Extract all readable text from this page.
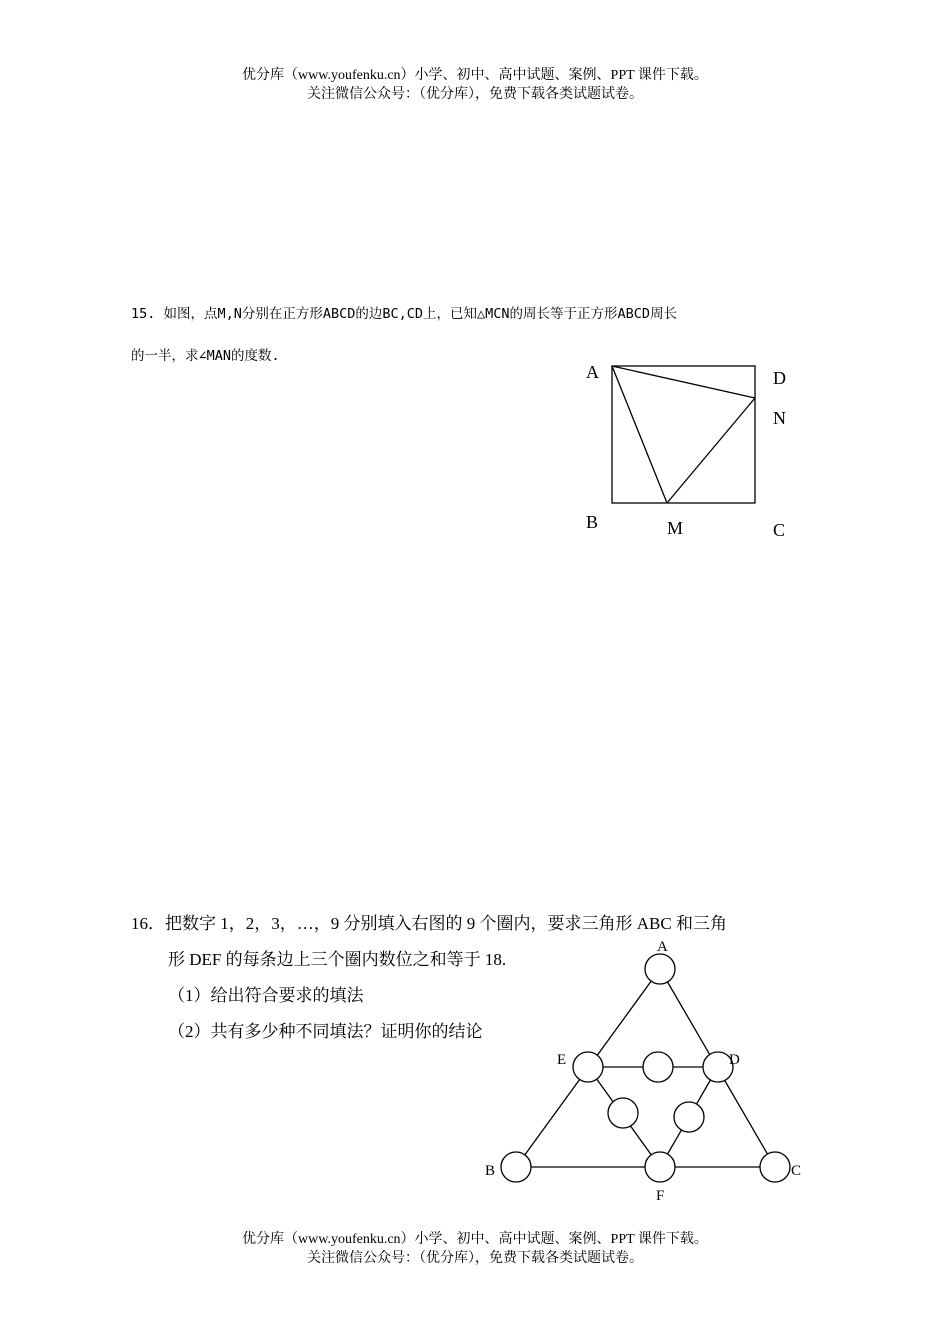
优分库（www.youfenku.cn）小学、初中、高中试题、案例、PPT 课件下载。
关注微信公众号：（优分库），免费下载各类试题试卷。
15. 如图，点M,N分别在正方形ABCD的边BC,CD上，已知△MCN的周长等于正方形ABCD周长
的一半，求∠MAN的度数.
A	D
N
B	M	C
A
E	D
B	C
F
16．把数字 1，2，3，…，9 分别填入右图的 9 个圈内，要求三角形 ABC 和三角
形 DEF 的每条边上三个圈内数位之和等于 18.
（1）给出符合要求的填法
（2）共有多少种不同填法？证明你的结论
优分库（www.youfenku.cn）小学、初中、高中试题、案例、PPT 课件下载。
关注微信公众号：（优分库），免费下载各类试题试卷。
